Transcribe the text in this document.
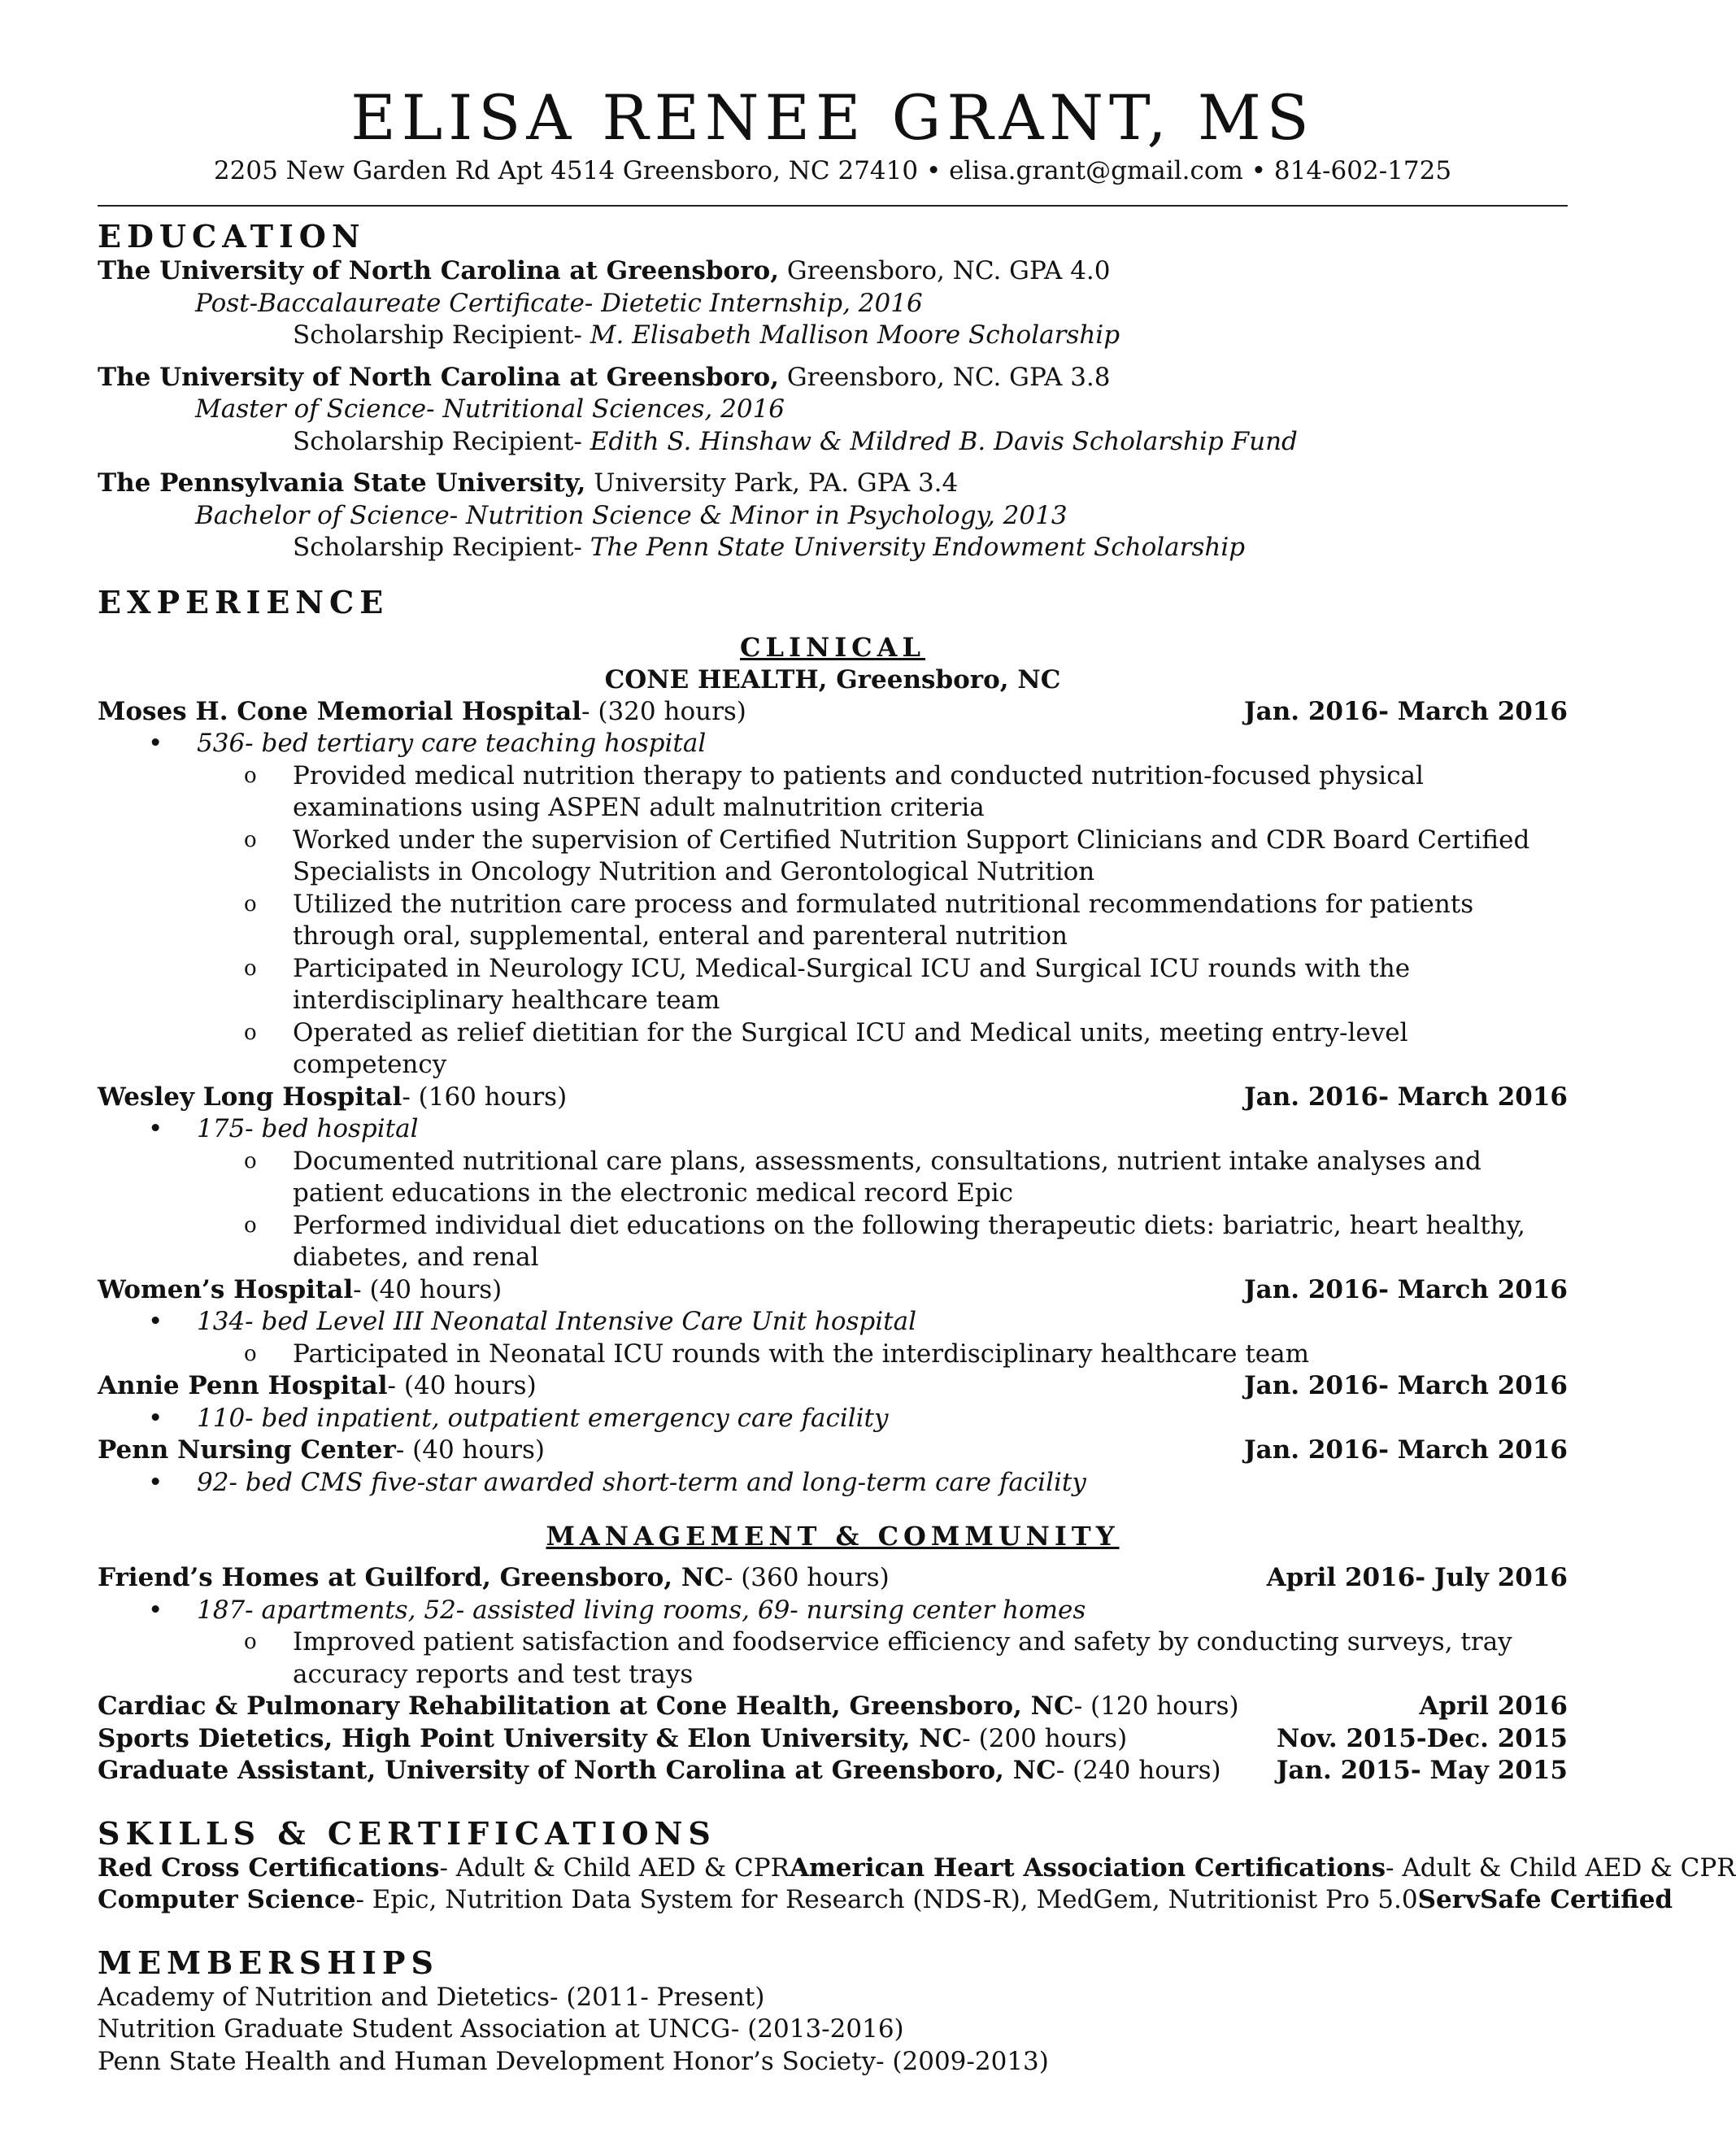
ELISA RENEE GRANT, MS
2205 New Garden Rd Apt 4514 Greensboro, NC 27410 • elisa.grant@gmail.com • 814-602-1725
EDUCATION
The University of North Carolina at Greensboro, Greensboro, NC. GPA 4.0
Post-Baccalaureate Certificate- Dietetic Internship, 2016
Scholarship Recipient- M. Elisabeth Mallison Moore Scholarship
The University of North Carolina at Greensboro, Greensboro, NC. GPA 3.8
Master of Science- Nutritional Sciences, 2016
Scholarship Recipient- Edith S. Hinshaw & Mildred B. Davis Scholarship Fund
The Pennsylvania State University, University Park, PA. GPA 3.4
Bachelor of Science- Nutrition Science & Minor in Psychology, 2013
Scholarship Recipient- The Penn State University Endowment Scholarship
EXPERIENCE
CLINICAL
CONE HEALTH, Greensboro, NC
Moses H. Cone Memorial Hospital- (320 hours)	Jan. 2016- March 2016
•	536- bed tertiary care teaching hospital
o	Provided medical nutrition therapy to patients and conducted nutrition-focused physical examinations using ASPEN adult malnutrition criteria
o	Worked under the supervision of Certified Nutrition Support Clinicians and CDR Board Certified Specialists in Oncology Nutrition and Gerontological Nutrition
o	Utilized the nutrition care process and formulated nutritional recommendations for patients through oral, supplemental, enteral and parenteral nutrition
o	Participated in Neurology ICU, Medical-Surgical ICU and Surgical ICU rounds with the interdisciplinary healthcare team
o	Operated as relief dietitian for the Surgical ICU and Medical units, meeting entry-level competency
Wesley Long Hospital- (160 hours)	Jan. 2016- March 2016
•	175- bed hospital
o	Documented nutritional care plans, assessments, consultations, nutrient intake analyses and patient educations in the electronic medical record Epic
o	Performed individual diet educations on the following therapeutic diets: bariatric, heart healthy, diabetes, and renal
Women’s Hospital- (40 hours)	Jan. 2016- March 2016
•	134- bed Level III Neonatal Intensive Care Unit hospital
o	Participated in Neonatal ICU rounds with the interdisciplinary healthcare team
Annie Penn Hospital- (40 hours)	Jan. 2016- March 2016
•	110- bed inpatient, outpatient emergency care facility
Penn Nursing Center- (40 hours)	Jan. 2016- March 2016
•	92- bed CMS five-star awarded short-term and long-term care facility
MANAGEMENT & COMMUNITY
Friend’s Homes at Guilford, Greensboro, NC- (360 hours)	April 2016- July 2016
•	187- apartments, 52- assisted living rooms, 69- nursing center homes
o	Improved patient satisfaction and foodservice efficiency and safety by conducting surveys, tray accuracy reports and test trays
Cardiac & Pulmonary Rehabilitation at Cone Health, Greensboro, NC- (120 hours)	April 2016
Sports Dietetics, High Point University & Elon University, NC- (200 hours)	Nov. 2015-Dec. 2015
Graduate Assistant, University of North Carolina at Greensboro, NC- (240 hours) Jan. 2015- May 2015
SKILLS & CERTIFICATIONS
Red Cross Certifications- Adult & Child AED & CPR American Heart Association Certifications- Adult & Child AED & CPR
Computer Science- Epic, Nutrition Data System for Research (NDS-R), MedGem, Nutritionist Pro 5.0 ServSafe Certified
MEMBERSHIPS
Academy of Nutrition and Dietetics- (2011- Present)
Nutrition Graduate Student Association at UNCG- (2013-2016)
Penn State Health and Human Development Honor’s Society- (2009-2013)
